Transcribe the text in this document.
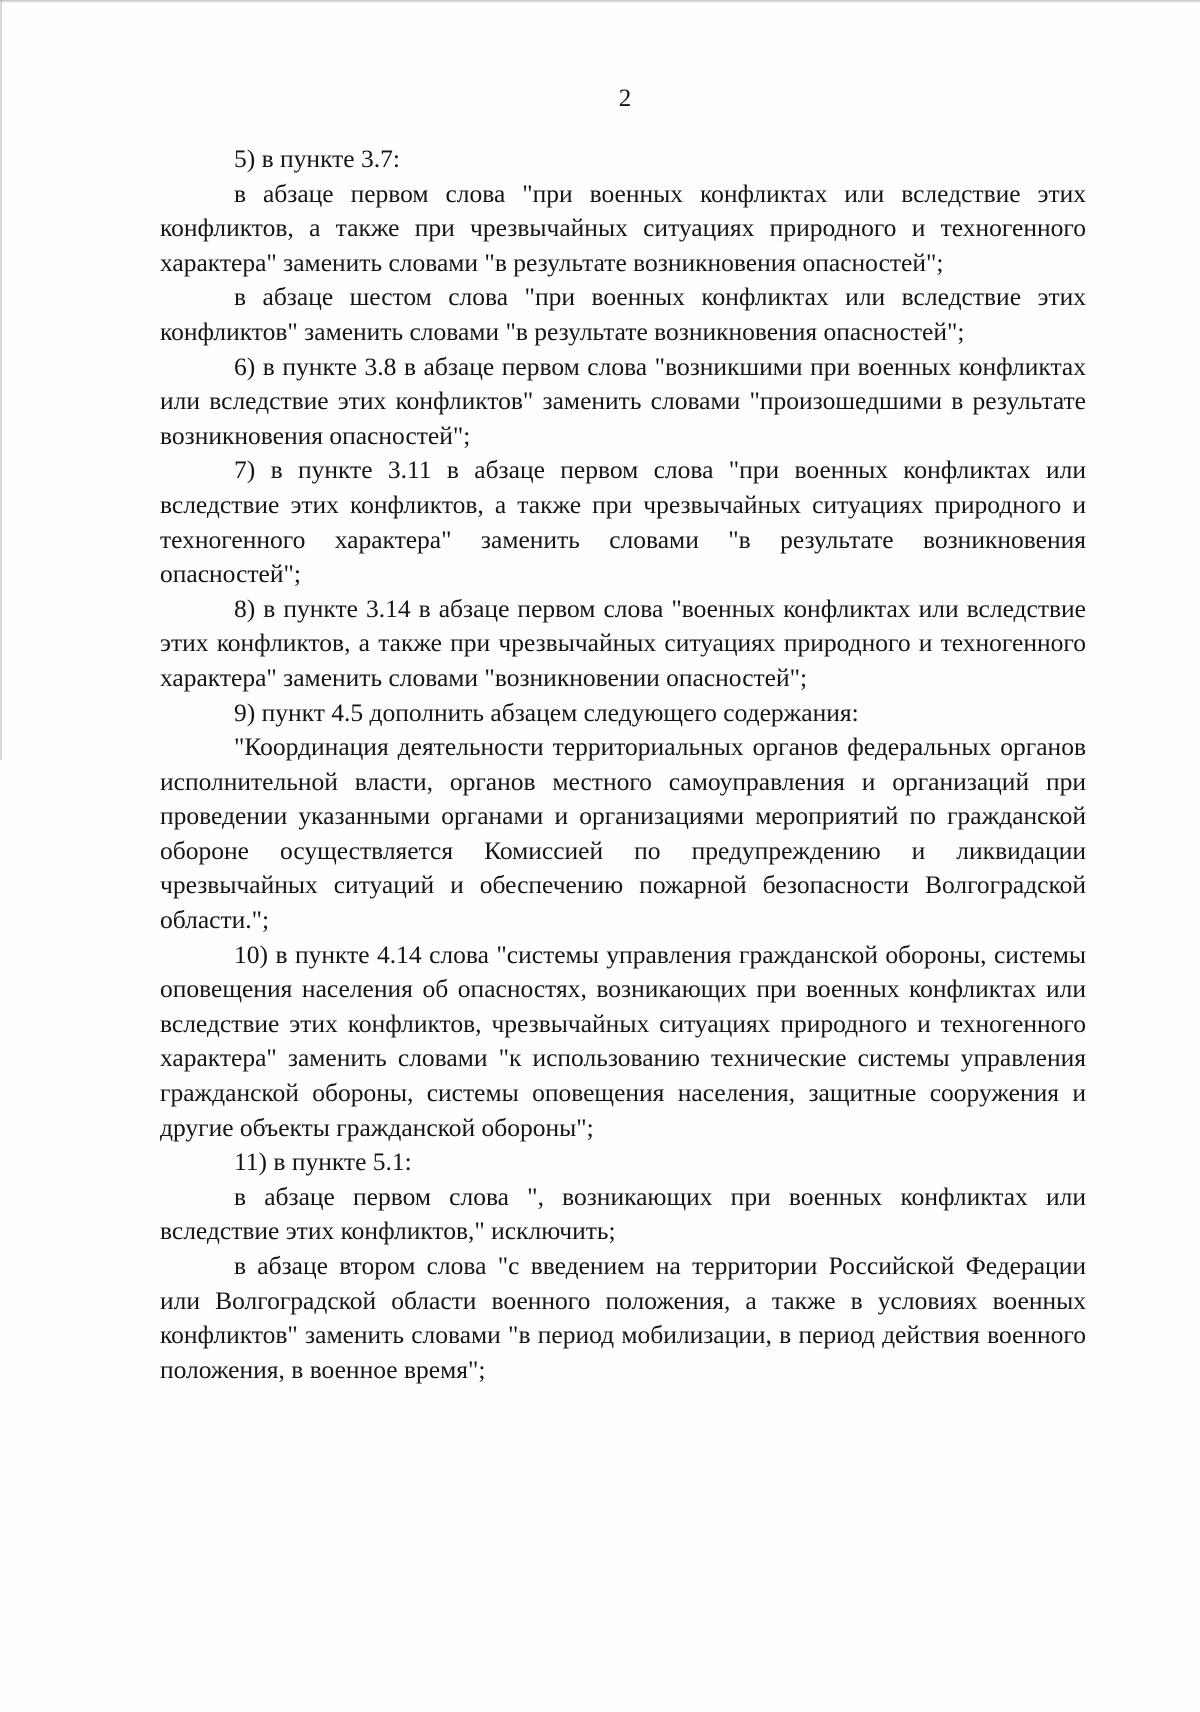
2

5) в пункте 3.7:

в абзаце первом слова "при военных конфликтах или вследствие этих конфликтов, а также при чрезвычайных ситуациях природного и техногенного характера" заменить словами "в результате возникновения опасностей";

в абзаце шестом слова "при военных конфликтах или вследствие этих конфликтов" заменить словами "в результате возникновения опасностей";

6) в пункте 3.8 в абзаце первом слова "возникшими при военных конфликтах или вследствие этих конфликтов" заменить словами "произошедшими в результате возникновения опасностей";

7) в пункте 3.11 в абзаце первом слова "при военных конфликтах или вследствие этих конфликтов, а также при чрезвычайных ситуациях природного и техногенного характера" заменить словами "в результате возникновения опасностей";

8) в пункте 3.14 в абзаце первом слова "военных конфликтах или вследствие этих конфликтов, а также при чрезвычайных ситуациях природного и техногенного характера" заменить словами "возникновении опасностей";

9) пункт 4.5 дополнить абзацем следующего содержания:

"Координация деятельности территориальных органов федеральных органов исполнительной власти, органов местного самоуправления и организаций при проведении указанными органами и организациями мероприятий по гражданской обороне осуществляется Комиссией по предупреждению и ликвидации чрезвычайных ситуаций и обеспечению пожарной безопасности Волгоградской области.";

10) в пункте 4.14 слова "системы управления гражданской обороны, системы оповещения населения об опасностях, возникающих при военных конфликтах или вследствие этих конфликтов, чрезвычайных ситуациях природного и техногенного характера" заменить словами "к использованию технические системы управления гражданской обороны, системы оповещения населения, защитные сооружения и другие объекты гражданской обороны";

11) в пункте 5.1:

в абзаце первом слова ", возникающих при военных конфликтах или вследствие этих конфликтов," исключить;

в абзаце втором слова "с введением на территории Российской Федерации или Волгоградской области военного положения, а также в условиях военных конфликтов" заменить словами "в период мобилизации, в период действия военного положения, в военное время";
